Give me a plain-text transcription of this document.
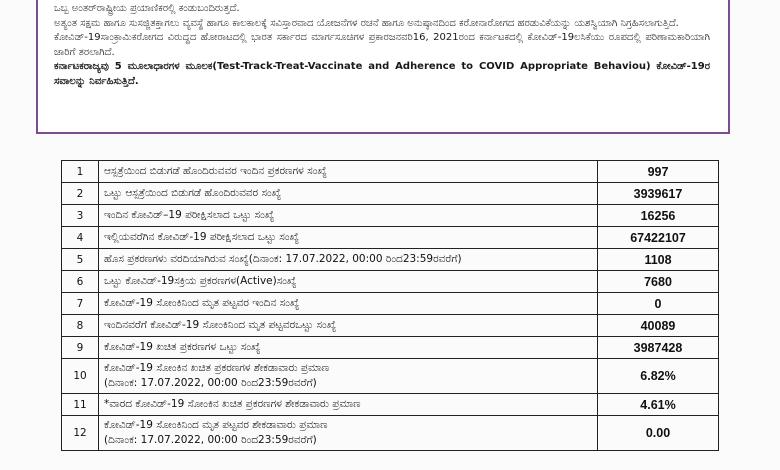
ಒಬ್ಬ ಅಂತರ್‌ರಾಷ್ಟ್ರೀಯ ಪ್ರಯಾಣಿಕರಲ್ಲಿ ಕಂಡುಬಂದಿರುತ್ತದೆ.

ಅತ್ಯಂತ ಸಕ್ಷಮ ಹಾಗೂ ಸುಸಜ್ಜಿತಕ್ತಾಗಲು ವ್ಯವಸ್ಥೆ ಹಾಗೂ ಕಾಲಕಾಲಕ್ಕೆ ಸವಿಸ್ತಾರವಾದ ಯೋಜನೆಗಳ ರಚನೆ ಹಾಗೂ ಅನುಷ್ಠಾನದಿಂದ ಕರೋನಾರೋಗದ ಹರಡುವಿಕೆಯನ್ನು ಯಶಸ್ವಿಯಾಗಿ ನಿಗ್ರಹಿಸಲಾಗುತ್ತಿದೆ.

ಕೋವಿಡ್‌-19ಸಾಂಕ್ರಾಮಿಕರೋಗದ ವಿರುದ್ಧದ ಹೋರಾಟದಲ್ಲಿ ಭಾರತ ಸರ್ಕಾರದ ಮಾರ್ಗಸೂಚಿಗಳ ಪ್ರಕಾರಜನವರಿ16, 2021ರಂದ ಕರ್ನಾಟಕದಲ್ಲಿ ಕೋವಿಡ್‌-19ಲಸಿಕೆಯು ರೂಪದಲ್ಲಿ ಪರಿಣಾಮಕಾರಿಯಾಗಿ ಜಾರಿಗೆ ತರಲಾಗಿದೆ.

ಕರ್ನಾಟಕರಾಜ್ಯವು 5 ಮೂಲಾಧಾರಗಳ ಮೂಲಕ(Test-Track-Treat-Vaccinate and Adherence to COVID Appropriate Behaviou) ಕೋವಿಡ್‌-19ರ ಸವಾಲನ್ನು ನಿರ್ವಹಿಸುತ್ತಿದೆ.

1	ಆಸ್ಪತ್ರೆಯಿಂದ ಬಿಡುಗಡೆ ಹೊಂದಿರುವವರ ಇಂದಿನ ಪ್ರಕರಣಗಳ ಸಂಖ್ಯೆ	997
2	ಒಟ್ಟು ಆಸ್ಪತ್ರೆಯಿಂದ ಬಿಡುಗಡೆ ಹೊಂದಿರುವವರ ಸಂಖ್ಯೆ	3939617
3	ಇಂದಿನ ಕೋವಿಡ್‌–19 ಪರೀಕ್ಷಿಸಲಾದ ಒಟ್ಟು ಸಂಖ್ಯೆ	16256
4	ಇಲ್ಲಿಯವರೆಗಿನ ಕೋವಿಡ್‌-19 ಪರೀಕ್ಷಿಸಲಾದ ಒಟ್ಟು ಸಂಖ್ಯೆ	67422107
5	ಹೊಸ ಪ್ರಕರಣಗಳು ವರದಿಯಾಗಿರುವ ಸಂಖ್ಯೆ(ದಿನಾಂಕ: 17.07.2022, 00:00 ರಿಂದ23:59ರವರೆಗೆ)	1108
6	ಒಟ್ಟು ಕೋವಿಡ್‌-19ಸಕ್ರಿಯ ಪ್ರಕರಣಗಳ(Active)ಸಂಖ್ಯೆ	7680
7	ಕೋವಿಡ್‌-19 ಸೋಂಕಿನಿಂದ ಮೃತ ಪಟ್ಟವರ ಇಂದಿನ ಸಂಖ್ಯೆ	0
8	ಇಂದಿನವರೆಗೆ ಕೋವಿಡ್‌-19 ಸೋಂಕಿನಿಂದ ಮೃತ ಪಟ್ಟವರಒಟ್ಟು ಸಂಖ್ಯೆ	40089
9	ಕೋವಿಡ್‌-19 ಖಚಿತ ಪ್ರಕರಣಗಳ ಒಟ್ಟು ಸಂಖ್ಯೆ	3987428
10	ಕೋವಿಡ್‌-19 ಸೋಂಕಿನ ಖಚಿತ ಪ್ರಕರಣಗಳ ಶೇಕಡಾವಾರು ಪ್ರಮಾಣ
(ದಿನಾಂಕ: 17.07.2022, 00:00 ರಿಂದ23:59ರವರೆಗೆ)	6.82%
11	*ವಾರದ ಕೋವಿಡ್‌-19 ಸೋಂಕಿನ ಖಚಿತ ಪ್ರಕರಣಗಳ ಶೇಕಡಾವಾರು ಪ್ರಮಾಣ	4.61%
12	ಕೋವಿಡ್‌-19 ಸೋಂಕಿನಿಂದ ಮೃತ ಪಟ್ಟವರ ಶೇಕಡಾವಾರು ಪ್ರಮಾಣ
(ದಿನಾಂಕ: 17.07.2022, 00:00 ರಿಂದ23:59ರವರೆಗೆ)	0.00
